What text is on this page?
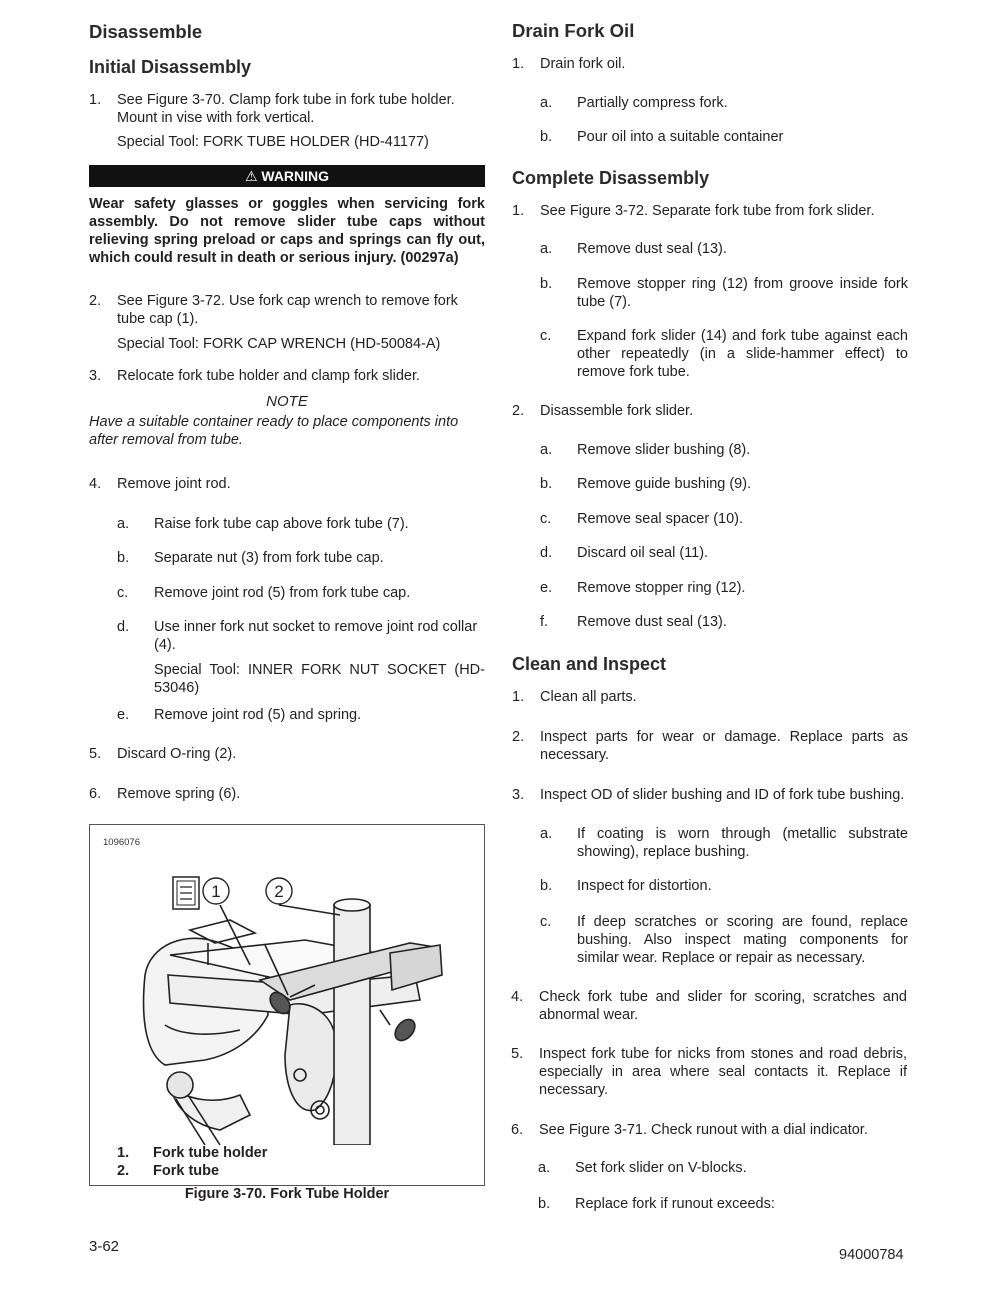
Disassemble
Initial Disassembly
1. See Figure 3-70. Clamp fork tube in fork tube holder. Mount in vise with fork vertical.
Special Tool: FORK TUBE HOLDER (HD-41177)
⚠ WARNING
Wear safety glasses or goggles when servicing fork assembly. Do not remove slider tube caps without relieving spring preload or caps and springs can fly out, which could result in death or serious injury. (00297a)
2. See Figure 3-72. Use fork cap wrench to remove fork tube cap (1).
Special Tool: FORK CAP WRENCH (HD-50084-A)
3. Relocate fork tube holder and clamp fork slider.
NOTE
Have a suitable container ready to place components into after removal from tube.
4. Remove joint rod.
a. Raise fork tube cap above fork tube (7).
b. Separate nut (3) from fork tube cap.
c. Remove joint rod (5) from fork tube cap.
d. Use inner fork nut socket to remove joint rod collar (4).
Special Tool: INNER FORK NUT SOCKET (HD-53046)
e. Remove joint rod (5) and spring.
5. Discard O-ring (2).
6. Remove spring (6).
1096076
1	2
1. Fork tube holder
2. Fork tube
Figure 3-70. Fork Tube Holder
Drain Fork Oil
1. Drain fork oil.
a. Partially compress fork.
b. Pour oil into a suitable container
Complete Disassembly
1. See Figure 3-72. Separate fork tube from fork slider.
a. Remove dust seal (13).
b. Remove stopper ring (12) from groove inside fork tube (7).
c. Expand fork slider (14) and fork tube against each other repeatedly (in a slide-hammer effect) to remove fork tube.
2. Disassemble fork slider.
a. Remove slider bushing (8).
b. Remove guide bushing (9).
c. Remove seal spacer (10).
d. Discard oil seal (11).
e. Remove stopper ring (12).
f. Remove dust seal (13).
Clean and Inspect
1. Clean all parts.
2. Inspect parts for wear or damage. Replace parts as necessary.
3. Inspect OD of slider bushing and ID of fork tube bushing.
a. If coating is worn through (metallic substrate showing), replace bushing.
b. Inspect for distortion.
c. If deep scratches or scoring are found, replace bushing. Also inspect mating components for similar wear. Replace or repair as necessary.
4. Check fork tube and slider for scoring, scratches and abnormal wear.
5. Inspect fork tube for nicks from stones and road debris, especially in area where seal contacts it. Replace if necessary.
6. See Figure 3-71. Check runout with a dial indicator.
a. Set fork slider on V-blocks.
b. Replace fork if runout exceeds:
3-62	94000784
